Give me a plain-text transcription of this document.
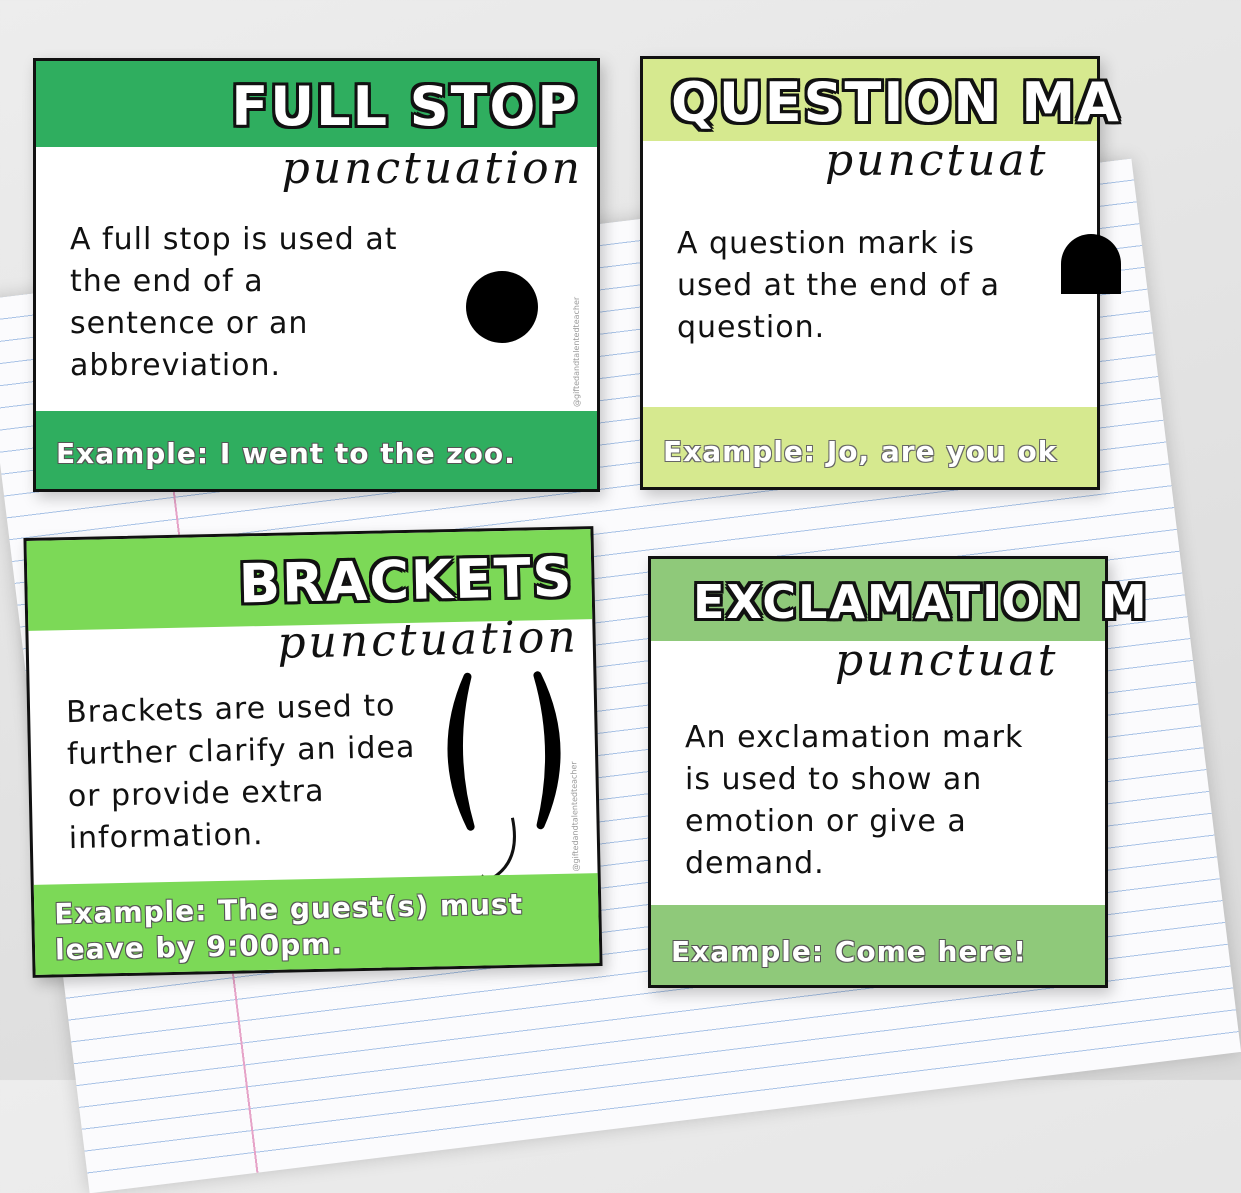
FULL STOP
punctuation
A full stop is used at the end of a sentence or an abbreviation.	@giftedandtalentedteacher
Example: I went to the zoo.
QUESTION MA
punctuat
A question mark is used at the end of a question.
Example: Jo, are you ok
BRACKETS
punctuation
Brackets are used to further clarify an idea or provide extra information.	@giftedandtalentedteacher
Example: The guest(s) must leave by 9:00pm.
EXCLAMATION M
punctuat
An exclamation mark is used to show an emotion or give a demand.
Example: Come here!
